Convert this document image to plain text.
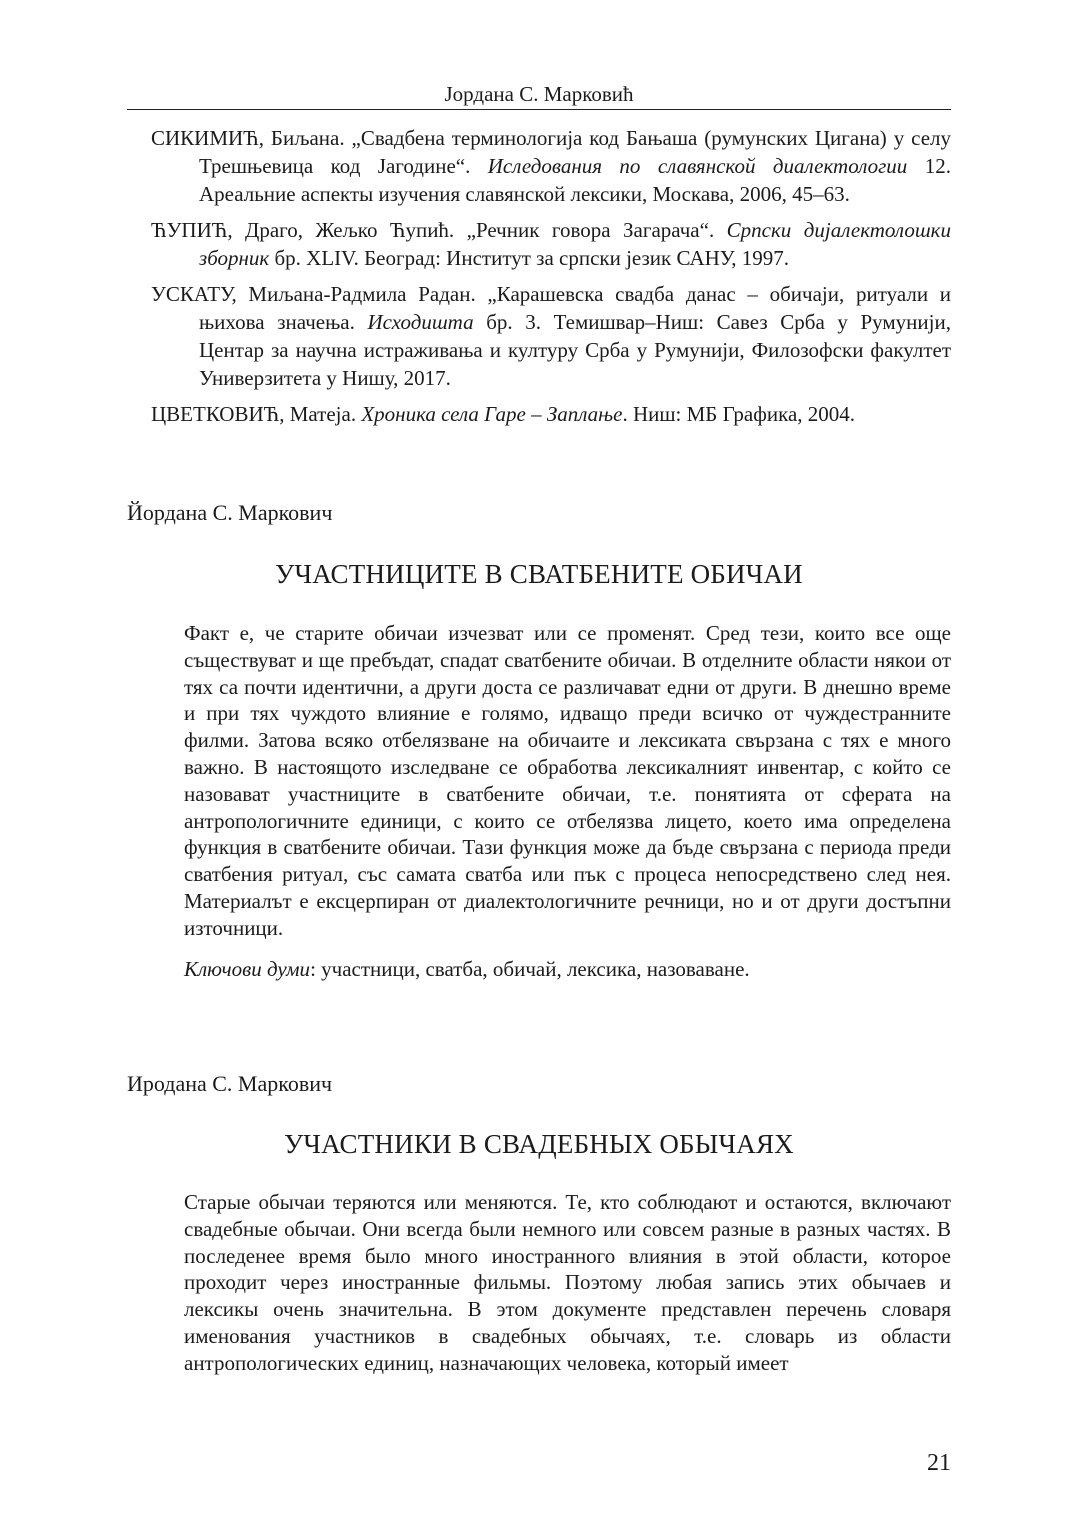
Јордана С. Марковић

СИКИМИЋ, Биљана. „Свадбена терминологија код Бањаша (румунских Цигана) у селу Трешњевица код Јагодине“. Иcледования по славянской диалектологии 12. Ареальние аспекты изучения славянской лексики, Москава, 2006, 45–63.

ЋУПИЋ, Драго, Жељко Ћупић. „Речник говора Загарача“. Српски дијалектолошки зборник бр. XLIV. Београд: Институт за српски језик САНУ, 1997.

УСКАТУ, Миљана-Радмила Радан. „Карашевска свадба данас – обичаји, ритуали и њихова значења. Исходишта бр. 3. Темишвар–Ниш: Савез Срба у Румунији, Центар за научна истраживања и културу Срба у Румунији, Филозофски факултет Универзитета у Нишу, 2017.

ЦВЕТКОВИЋ, Матеја. Хроника села Гаре – Заплање. Ниш: МБ Графика, 2004.

Йордана С. Маркович
УЧАСТНИЦИТЕ В СВАТБЕНИТЕ ОБИЧАИ

Факт е, че старите обичаи изчезват или се променят. Сред тези, които все още съществуват и ще пребъдат, спадат сватбените обичаи. В отделните области някои от тях са почти идентични, а други доста се различават едни от други. В днешно време и при тях чуждото влияние е голямо, идващо преди всичко от чуждестранните филми. Затова всяко отбелязване на обичаите и лексиката свързана с тях е много важно. В настоящото изследване се обработва лексикалният инвентар, с който се назовават участниците в сватбените обичаи, т.е. понятията от сферата на антропологичните единици, с които се отбелязва лицето, което има определена функция в сватбените обичаи. Тази функция може да бъде свързана с периода преди сватбения ритуал, със самата сватба или пък с процеса непосредствено след нея. Материалът е ексцерпиран от диалектологичните речници, но и от други достъпни източници.

Ключови думи: участници, сватба, обичай, лексика, назоваване.
Иродана С. Маркович
УЧАСТНИКИ В СВАДЕБНЫХ ОБЫЧАЯХ

Старые обычаи теряются или меняются. Те, кто соблюдают и остаются, включают свадебные обычаи. Они всегда были немного или совсем разные в разных частях. В последенее время было много иностранного влияния в этой области, которое проходит через иностранные фильмы. Поэтому любая запись этих обычаев и лексикы очень значительна. В этом документе представлен перечень словаря именования участников в свадебных обычаях, т.е. словарь из области антропологических единиц, назначающих человека, который имеет

21
